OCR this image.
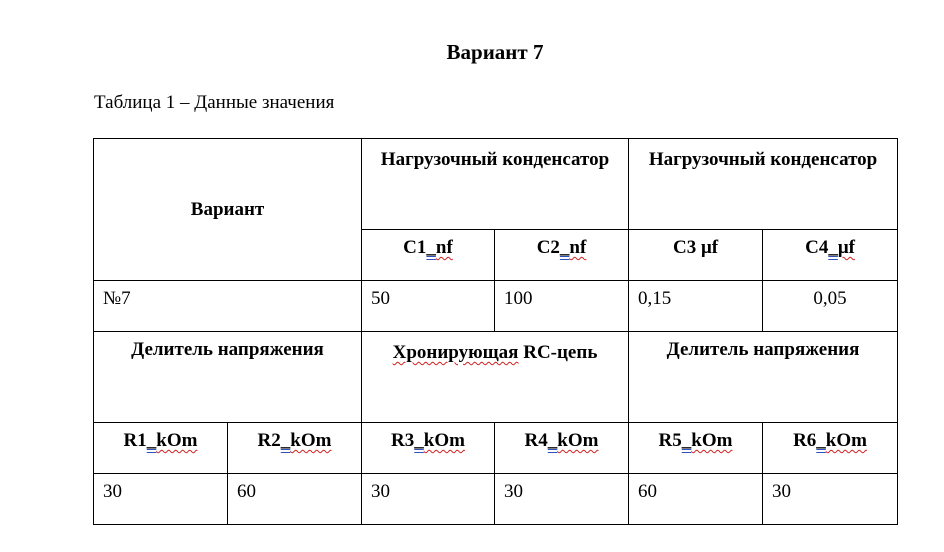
Вариант 7
Таблица 1 – Данные значения
Вариант		Нагрузочный конденсатор		Нагрузочный конденсатор	
		C1_nf	C2_nf	C3 μf	C4_μf
№7		50	100	0,15	0,05
Делитель напряжения		Хронирующая RC-цепь		Делитель напряжения	
R1_kOm	R2_kOm	R3_kOm	R4_kOm	R5_kOm	R6_kOm
30	60	30	30	60	30
